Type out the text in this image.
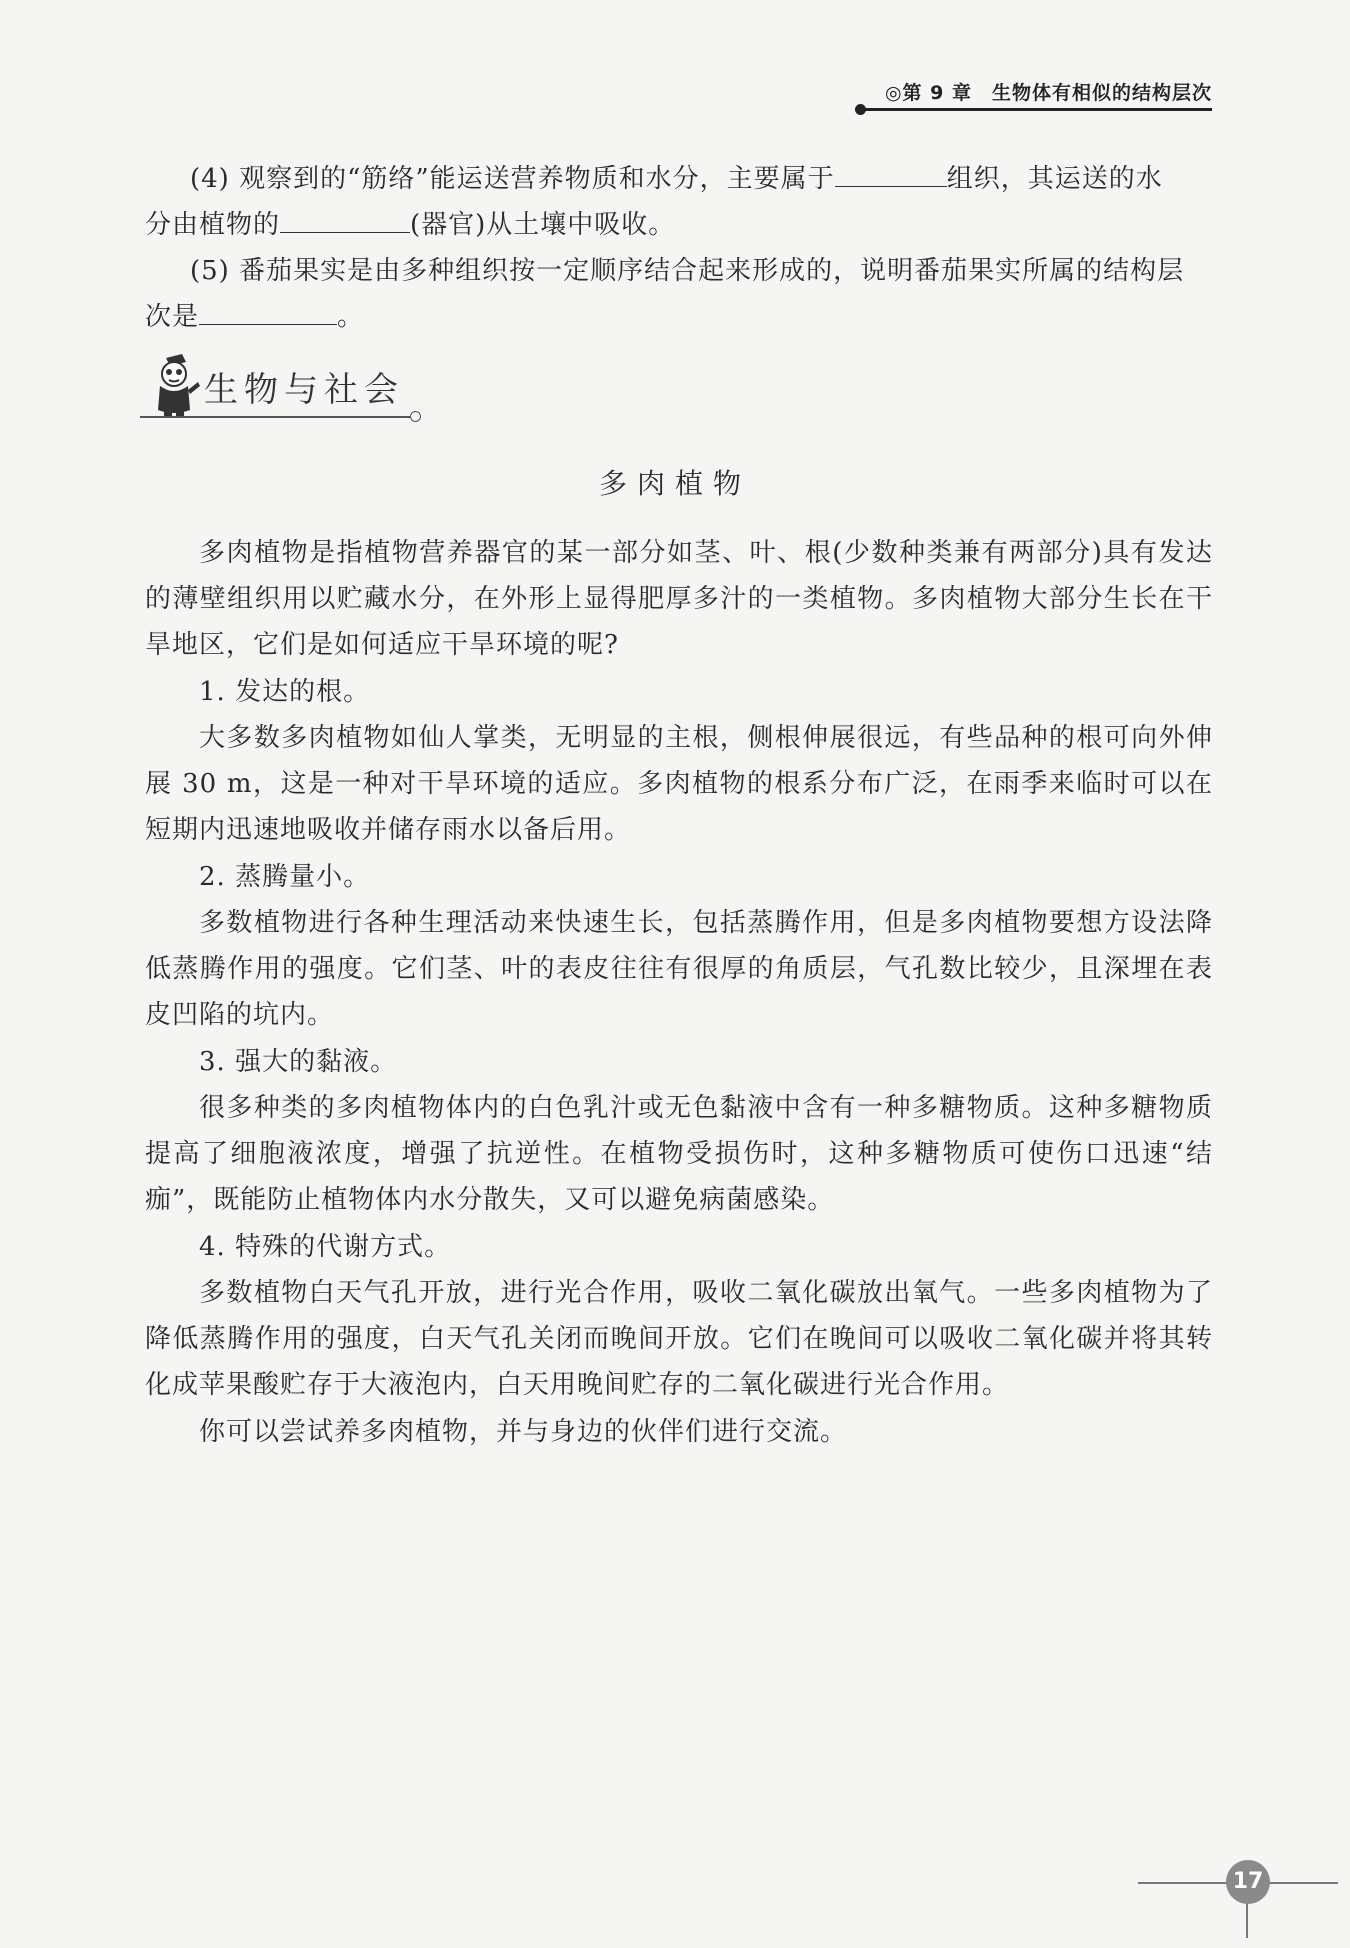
◎第 9 章 生物体有相似的结构层次
(4) 观察到的“筋络”能运送营养物质和水分，主要属于	组织，其运送的水
分由植物的	(器官)从土壤中吸收。
(5) 番茄果实是由多种组织按一定顺序结合起来形成的，说明番茄果实所属的结构层
次是	。
生物与社会
多肉植物
多肉植物是指植物营养器官的某一部分如茎、叶、根(少数种类兼有两部分)具有发达的薄壁组织用以贮藏水分，在外形上显得肥厚多汁的一类植物。多肉植物大部分生长在干旱地区，它们是如何适应干旱环境的呢?
1. 发达的根。
大多数多肉植物如仙人掌类，无明显的主根，侧根伸展很远，有些品种的根可向外伸展 30 m，这是一种对干旱环境的适应。多肉植物的根系分布广泛，在雨季来临时可以在短期内迅速地吸收并储存雨水以备后用。
2. 蒸腾量小。
多数植物进行各种生理活动来快速生长，包括蒸腾作用，但是多肉植物要想方设法降低蒸腾作用的强度。它们茎、叶的表皮往往有很厚的角质层，气孔数比较少，且深埋在表皮凹陷的坑内。
3. 强大的黏液。
很多种类的多肉植物体内的白色乳汁或无色黏液中含有一种多糖物质。这种多糖物质提高了细胞液浓度，增强了抗逆性。在植物受损伤时，这种多糖物质可使伤口迅速“结痂”，既能防止植物体内水分散失，又可以避免病菌感染。
4. 特殊的代谢方式。
多数植物白天气孔开放，进行光合作用，吸收二氧化碳放出氧气。一些多肉植物为了降低蒸腾作用的强度，白天气孔关闭而晚间开放。它们在晚间可以吸收二氧化碳并将其转化成苹果酸贮存于大液泡内，白天用晚间贮存的二氧化碳进行光合作用。
你可以尝试养多肉植物，并与身边的伙伴们进行交流。
17
